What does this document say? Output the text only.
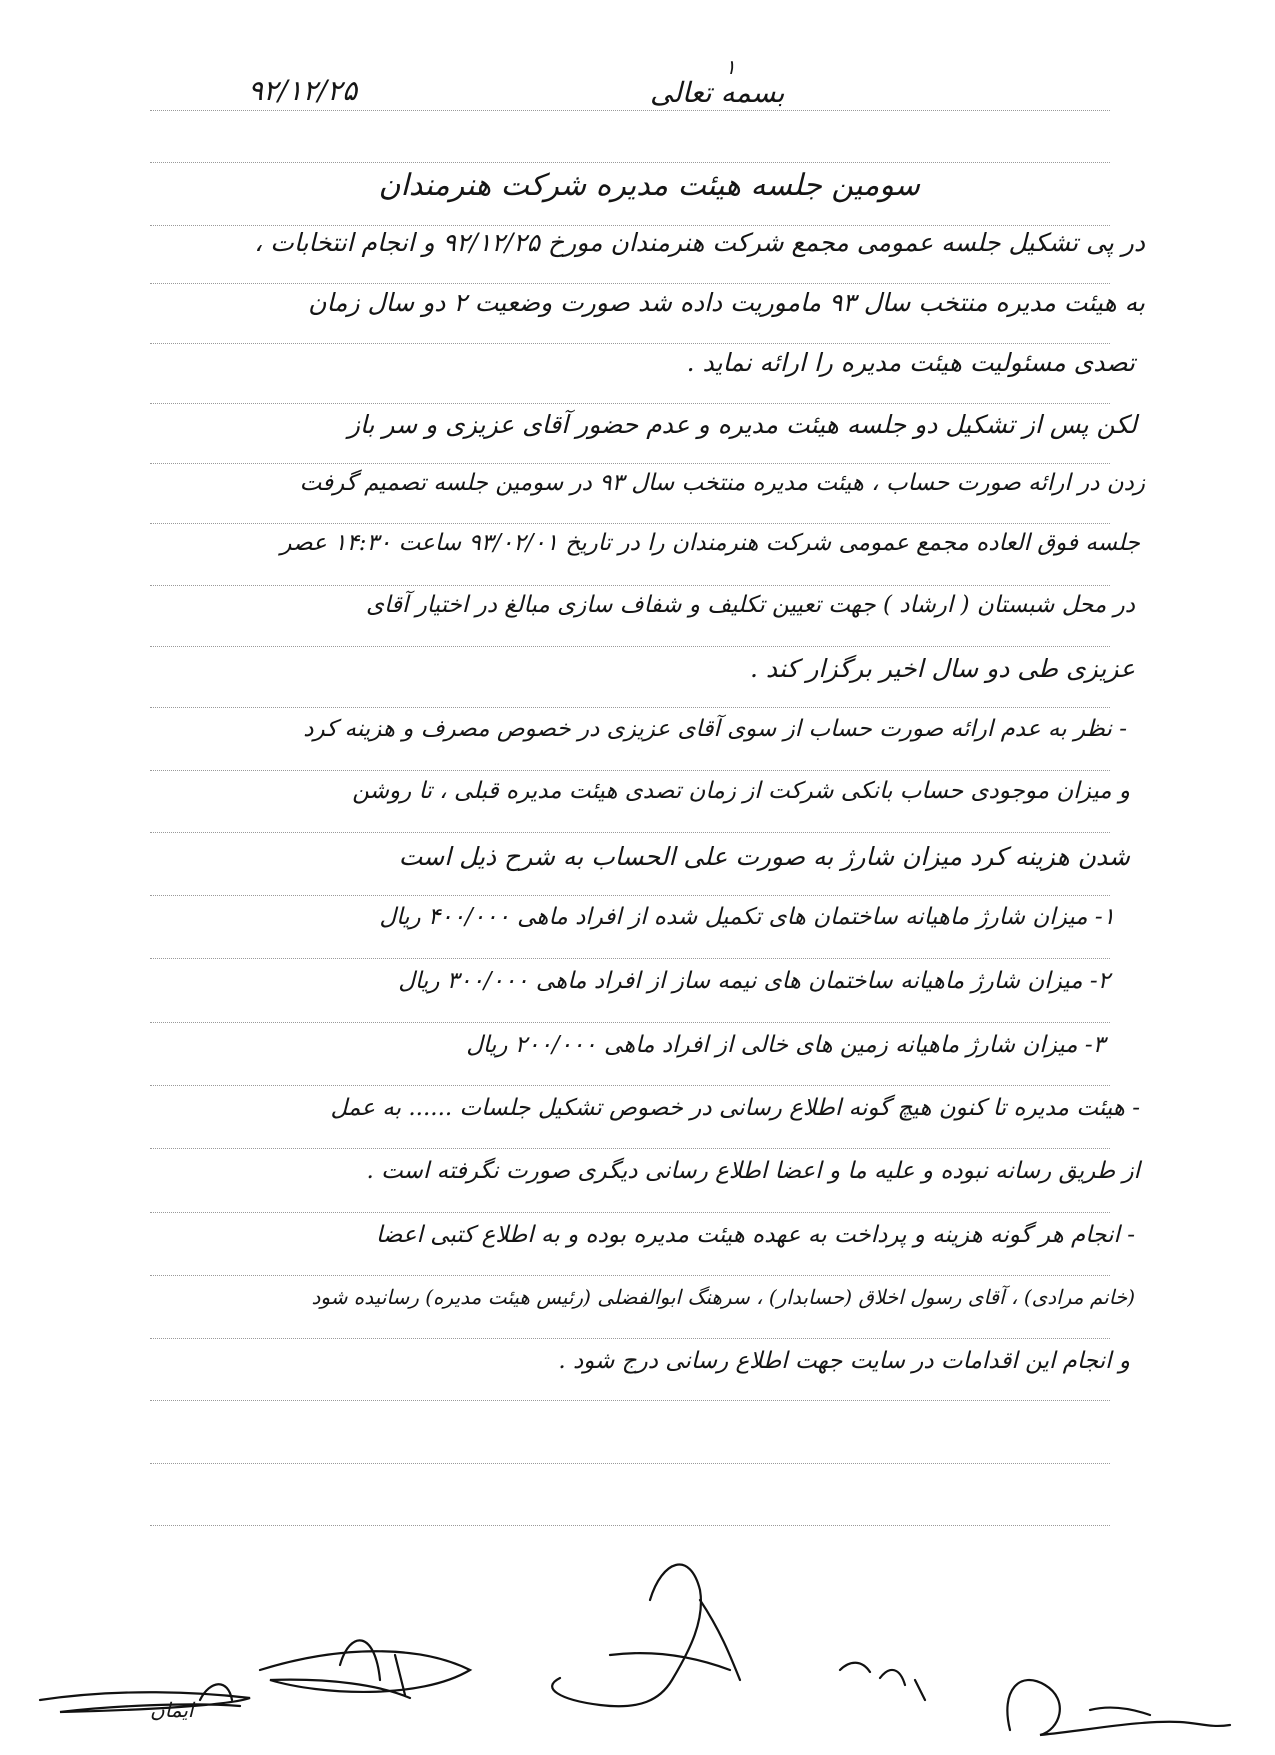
۱
بسمه تعالی
۹۲/۱۲/۲۵
سومین جلسه هیئت مدیره شرکت هنرمندان
در پی تشکیل جلسه عمومی مجمع شرکت هنرمندان مورخ ۹۲/۱۲/۲۵ و انجام انتخابات ،
به هیئت مدیره منتخب سال ۹۳ ماموریت داده شد صورت وضعیت ۲ دو سال زمان
تصدی مسئولیت هیئت مدیره را ارائه نماید .
لکن پس از تشکیل دو جلسه هیئت مدیره و عدم حضور آقای عزیزی و سر باز
زدن در ارائه صورت حساب ، هیئت مدیره منتخب سال ۹۳ در سومین جلسه تصمیم گرفت
جلسه فوق العاده مجمع عمومی شرکت هنرمندان را در تاریخ ۹۳/۰۲/۰۱ ساعت ۱۴:۳۰ عصر
در محل شبستان ( ارشاد ) جهت تعیین تکلیف و شفاف سازی مبالغ در اختیار آقای
عزیزی طی دو سال اخیر برگزار کند .
- نظر به عدم ارائه صورت حساب از سوی آقای عزیزی در خصوص مصرف و هزینه کرد
و میزان موجودی حساب بانکی شرکت از زمان تصدی هیئت مدیره قبلی ، تا روشن
شدن هزینه کرد میزان شارژ به صورت علی الحساب به شرح ذیل است
۱- میزان شارژ ماهیانه ساختمان های تکمیل شده از افراد ماهی ۴۰۰/۰۰۰ ریال
۲- میزان شارژ ماهیانه ساختمان های نیمه ساز از افراد ماهی ۳۰۰/۰۰۰ ریال
۳- میزان شارژ ماهیانه زمین های خالی از افراد ماهی ۲۰۰/۰۰۰ ریال
- هیئت مدیره تا کنون هیچ گونه اطلاع رسانی در خصوص تشکیل جلسات ...... به عمل
از طریق رسانه نبوده و علیه ما و اعضا اطلاع رسانی دیگری صورت نگرفته است .
- انجام هر گونه هزینه و پرداخت به عهده هیئت مدیره بوده و به اطلاع کتبی اعضا
(خانم مرادی) ، آقای رسول اخلاق (حسابدار) ، سرهنگ ابوالفضلی (رئیس هیئت مدیره) رسانیده شود
و انجام این اقدامات در سایت جهت اطلاع رسانی درج شود .
ایمان
